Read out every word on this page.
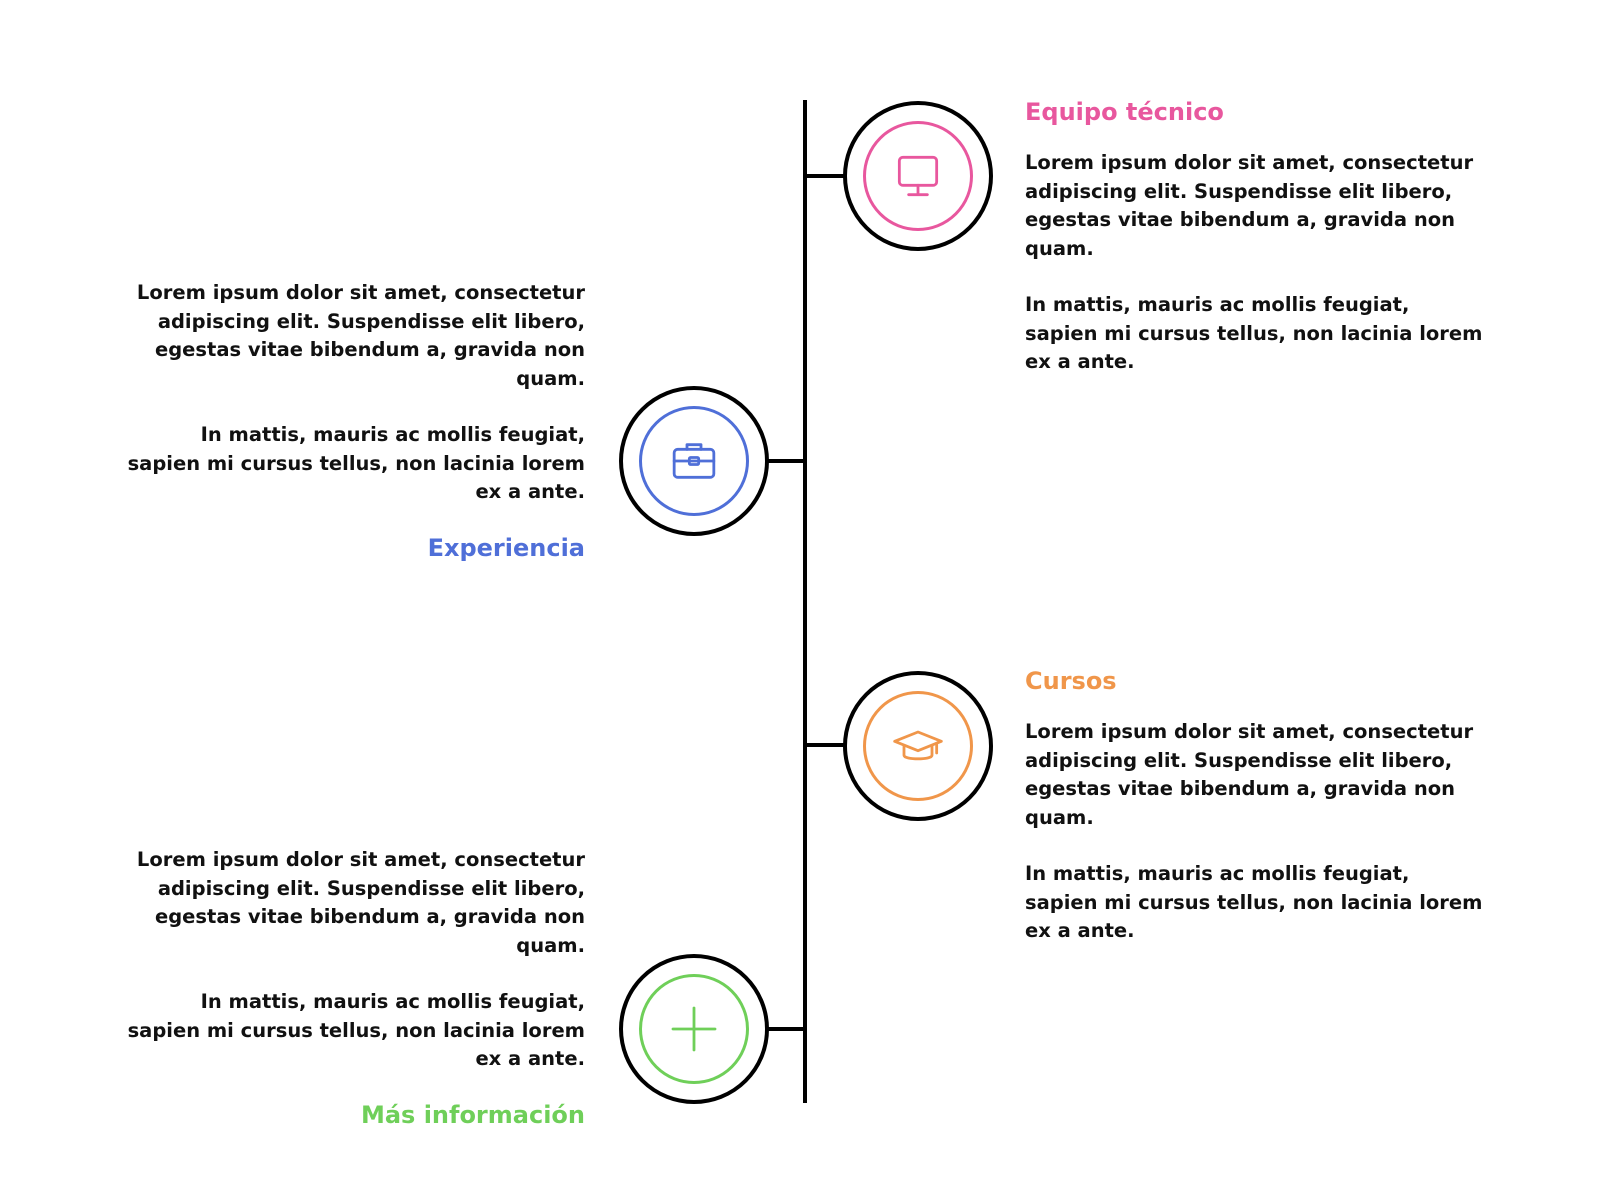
Equipo técnico

Lorem ipsum dolor sit amet, consectetur adipiscing elit. Suspendisse elit libero, egestas vitae bibendum a, gravida non quam.

In mattis, mauris ac mollis feugiat, sapien mi cursus tellus, non lacinia lorem ex a ante.

Lorem ipsum dolor sit amet, consectetur adipiscing elit. Suspendisse elit libero, egestas vitae bibendum a, gravida non quam.

In mattis, mauris ac mollis feugiat, sapien mi cursus tellus, non lacinia lorem ex a ante.

Experiencia

Cursos

Lorem ipsum dolor sit amet, consectetur adipiscing elit. Suspendisse elit libero, egestas vitae bibendum a, gravida non quam.

In mattis, mauris ac mollis feugiat, sapien mi cursus tellus, non lacinia lorem ex a ante.

Lorem ipsum dolor sit amet, consectetur adipiscing elit. Suspendisse elit libero, egestas vitae bibendum a, gravida non quam.

In mattis, mauris ac mollis feugiat, sapien mi cursus tellus, non lacinia lorem ex a ante.

Más información
